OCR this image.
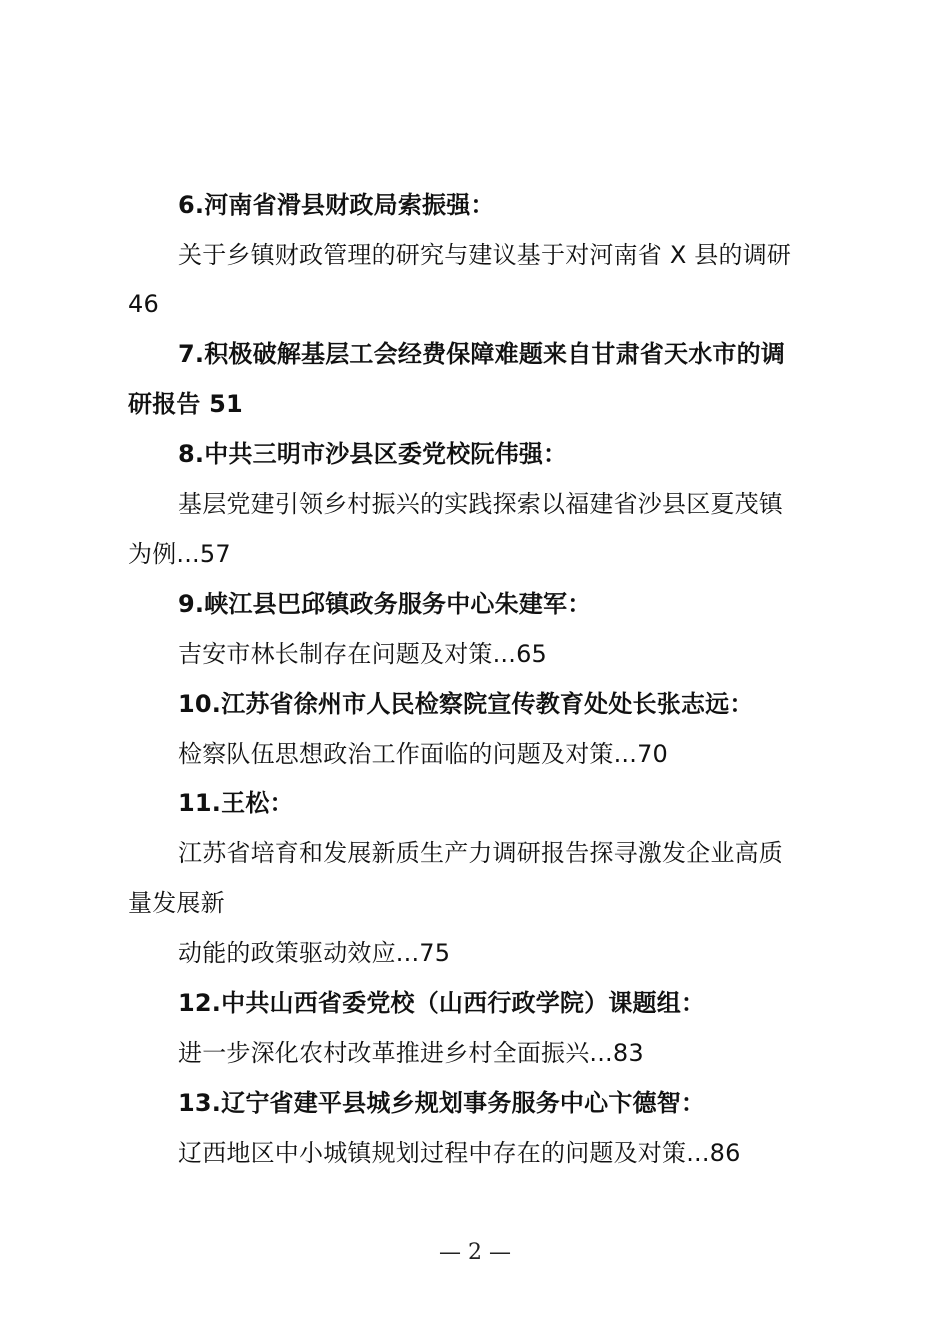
6.河南省滑县财政局索振强：
关于乡镇财政管理的研究与建议基于对河南省 X 县的调研
46
7.积极破解基层工会经费保障难题来自甘肃省天水市的调
研报告 51
8.中共三明市沙县区委党校阮伟强：
基层党建引领乡村振兴的实践探索以福建省沙县区夏茂镇
为例...57
9.峡江县巴邱镇政务服务中心朱建军：
吉安市林长制存在问题及对策...65
10.江苏省徐州市人民检察院宣传教育处处长张志远：
检察队伍思想政治工作面临的问题及对策...70
11.王松：
江苏省培育和发展新质生产力调研报告探寻激发企业高质
量发展新
动能的政策驱动效应...75
12.中共山西省委党校（山西行政学院）课题组：
进一步深化农村改革推进乡村全面振兴...83
13.辽宁省建平县城乡规划事务服务中心卞德智：
辽西地区中小城镇规划过程中存在的问题及对策...86
— 2 —
